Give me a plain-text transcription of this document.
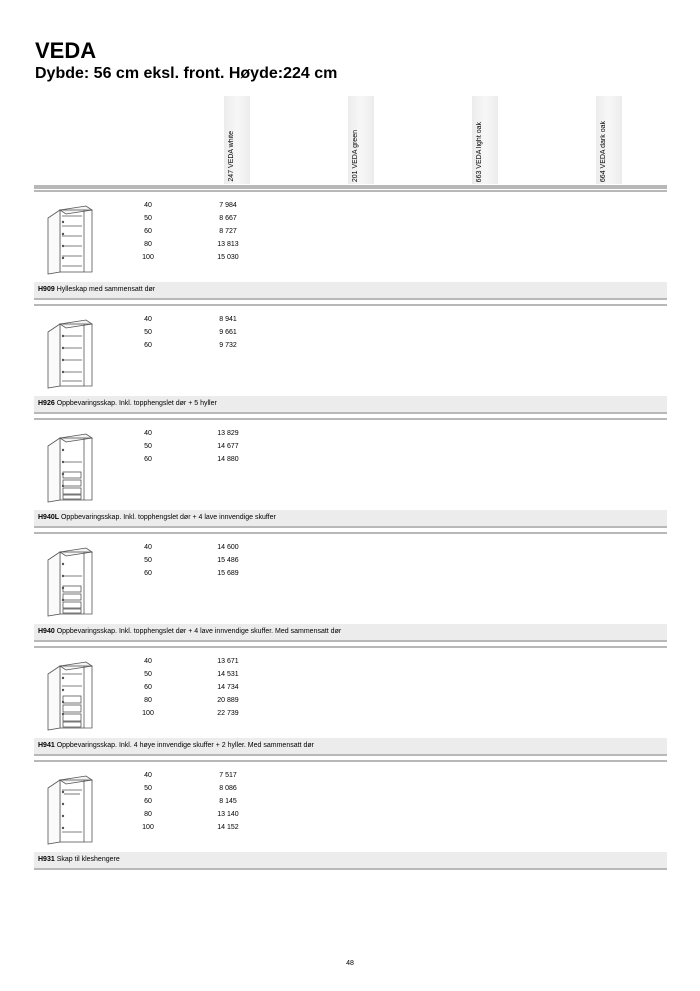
VEDA
Dybde: 56 cm eksl. front. Høyde:224 cm
247 VEDA white	201 VEDA green	663 VEDA light oak	664 VEDA dark oak
40	7 984
50	8 667
60	8 727
80	13 813
100	15 030
H909 Hylleskap med sammensatt dør
40	8 941
50	9 661
60	9 732
H926 Oppbevaringsskap. Inkl. topphengslet dør + 5 hyller
40	13 829
50	14 677
60	14 880
H940L Oppbevaringsskap. Inkl. topphengslet dør + 4 lave innvendige skuffer
40	14 600
50	15 486
60	15 689
H940 Oppbevaringsskap. Inkl. topphengslet dør + 4 lave innvendige skuffer. Med sammensatt dør
40	13 671
50	14 531
60	14 734
80	20 889
100	22 739
H941 Oppbevaringsskap. Inkl. 4 høye innvendige skuffer + 2 hyller. Med sammensatt dør
40	7 517
50	8 086
60	8 145
80	13 140
100	14 152
H931 Skap til kleshengere
48
